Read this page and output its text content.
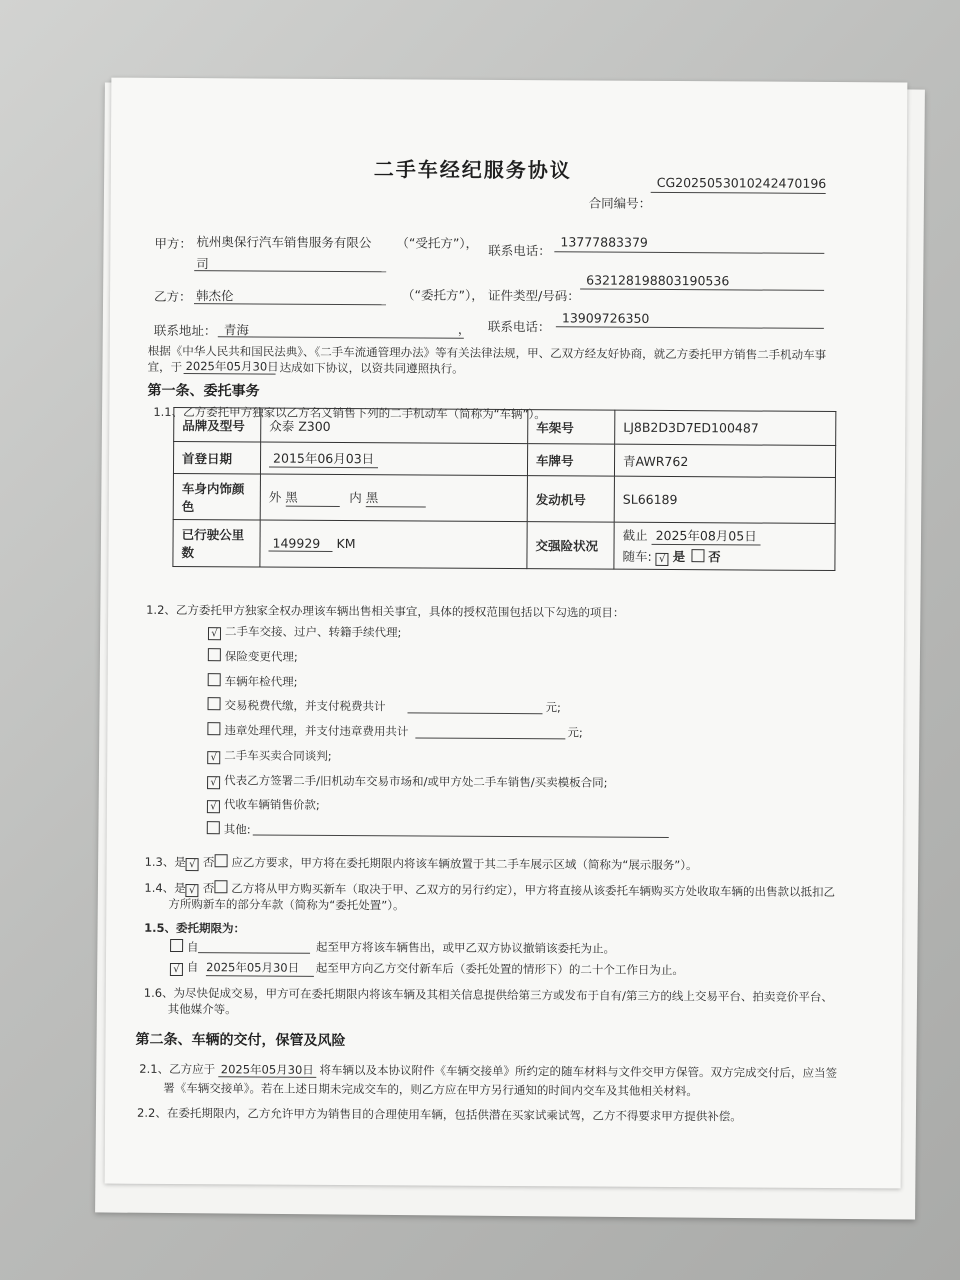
二手车经纪服务协议
合同编号：
CG2025053010242470196
甲方： 杭州奥保行汽车销售服务有限公
司
（“受托方”）， 联系电话：
13777883379
乙方： 韩杰伦	（“委托方”）， 证件类型/号码：
632128198803190536
联系地址： 青海	， 联系电话：
13909726350
根据《中华人民共和国民法典》、《二手车流通管理办法》等有关法律法规，甲、乙双方经友好协商，就乙方委托甲方销售二手机动车事
宜，于 2025年05月30日 达成如下协议，以资共同遵照执行。
第一条、委托事务
1.1、乙方委托甲方独家以乙方名义销售下列的二手机动车（简称为“车辆”）。
品牌及型号	众泰 Z300	车架号	LJ8B2D3D7ED100487
首登日期	2015年06月03日	车牌号	青AWR762
车身内饰颜色	外 黑 内 黑	发动机号	SL66189
已行驶公里数	149929 KM	交强险状况	截止 2025年08月05日
随车: √ 是 否
1.2、乙方委托甲方独家全权办理该车辆出售相关事宜，具体的授权范围包括以下勾选的项目：
√ 二手车交接、过户、转籍手续代理;
保险变更代理;
车辆年检代理;
交易税费代缴，并支付税费共计	元;
违章处理代理，并支付违章费用共计	元;
√ 二手车买卖合同谈判;
√ 代表乙方签署二手/旧机动车交易市场和/或甲方处二手车销售/买卖模板合同;
√ 代收车辆销售价款;
其他:
1.3、是 √ 否 应乙方要求，甲方将在委托期限内将该车辆放置于其二手车展示区域（简称为“展示服务”）。
1.4、是 √ 否 乙方将从甲方购买新车（取决于甲、乙双方的另行约定），甲方将直接从该委托车辆购买方处收取车辆的出售款以抵扣乙
方所购新车的部分车款（简称为“委托处置”）。
1.5、委托期限为：
自	起至甲方将该车辆售出，或甲乙双方协议撤销该委托为止。
√ 自 2025年05月30日	起至甲方向乙方交付新车后（委托处置的情形下）的二十个工作日为止。
1.6、为尽快促成交易，甲方可在委托期限内将该车辆及其相关信息提供给第三方或发布于自有/第三方的线上交易平台、拍卖竞价平台、
其他媒介等。
第二条、车辆的交付，保管及风险
2.1、乙方应于 2025年05月30日 将车辆以及本协议附件《车辆交接单》所约定的随车材料与文件交甲方保管。双方完成交付后，应当签
署《车辆交接单》。若在上述日期未完成交车的，则乙方应在甲方另行通知的时间内交车及其他相关材料。
2.2、在委托期限内，乙方允许甲方为销售目的合理使用车辆，包括供潜在买家试乘试驾，乙方不得要求甲方提供补偿。
